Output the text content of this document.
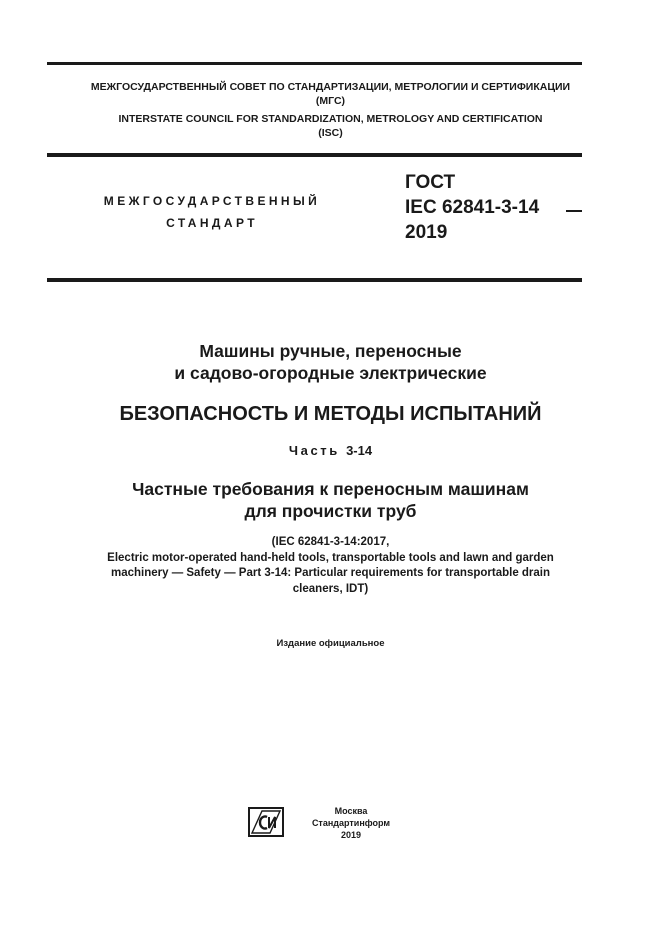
МЕЖГОСУДАРСТВЕННЫЙ СОВЕТ ПО СТАНДАРТИЗАЦИИ, МЕТРОЛОГИИ И СЕРТИФИКАЦИИ
(МГС)
INTERSTATE COUNCIL FOR STANDARDIZATION, METROLOGY AND CERTIFICATION
(ISC)
МЕЖГОСУДАРСТВЕННЫЙ
СТАНДАРТ
ГОСТ
IEC 62841-3-14
2019
Машины ручные, переносные
и садово-огородные электрические
БЕЗОПАСНОСТЬ И МЕТОДЫ ИСПЫТАНИЙ
Часть 3-14
Частные требования к переносным машинам
для прочистки труб
(IEC 62841-3-14:2017,
Electric motor-operated hand-held tools, transportable tools and lawn and garden
machinery — Safety — Part 3-14: Particular requirements for transportable drain
cleaners, IDT)
Издание официальное
Москва
Стандартинформ
2019
